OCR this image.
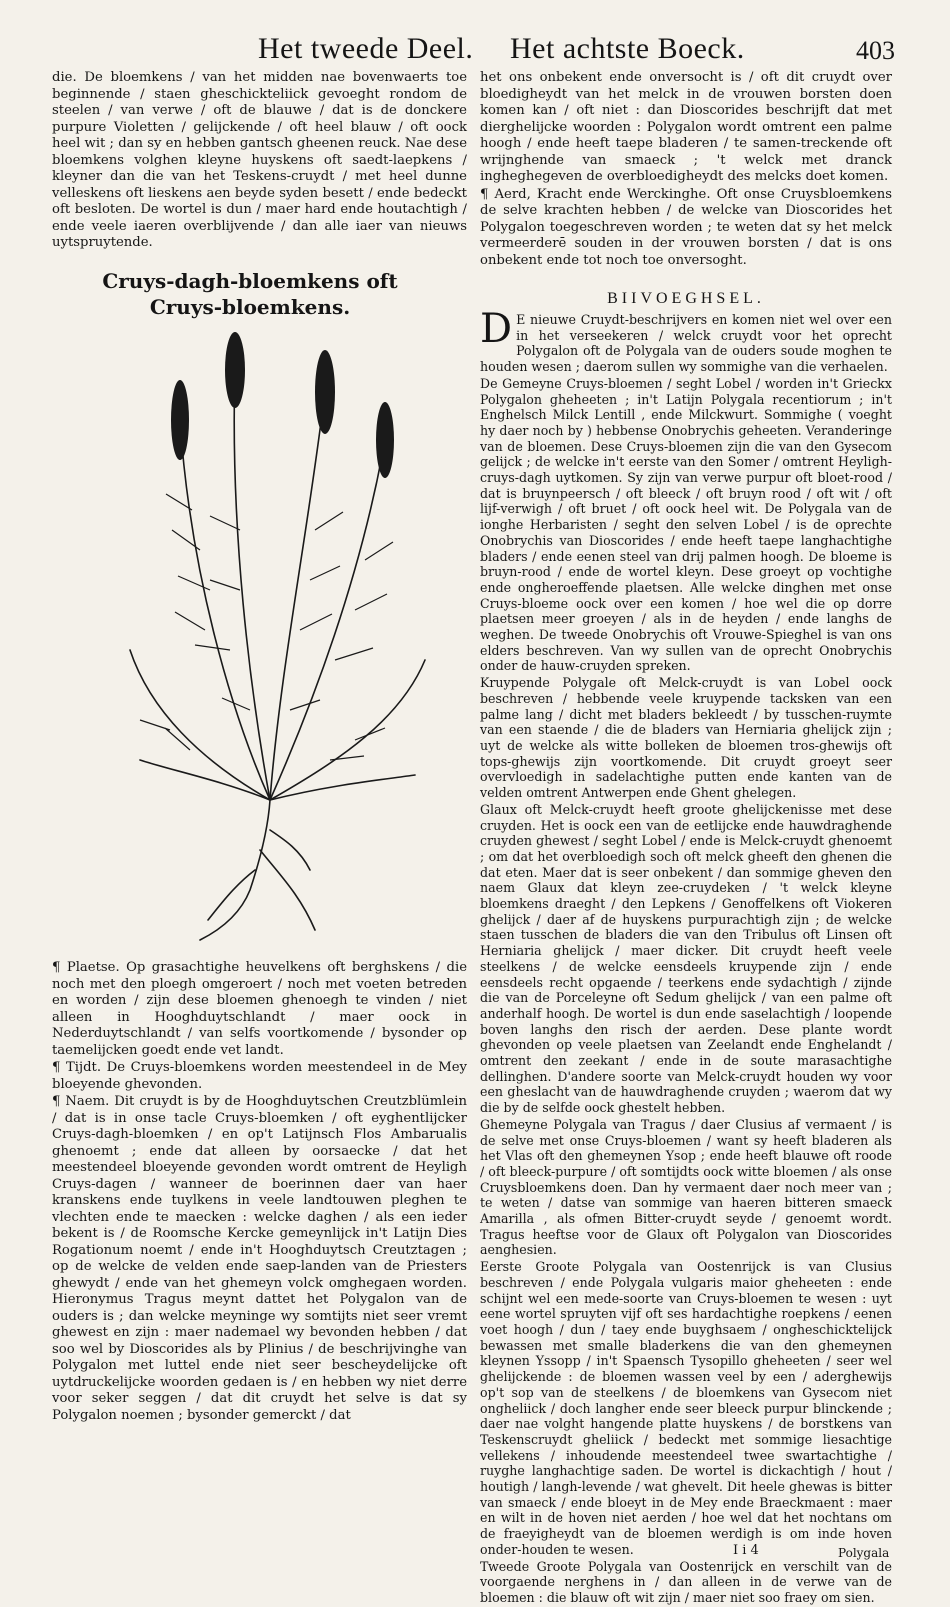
Het tweede Deel. Het achtste Boeck.	403

die. De bloemkens / van het midden nae bovenwaerts toe beginnende / staen gheschickteliick gevoeght rondom de steelen / van verwe / oft de blauwe / dat is de donckere purpure Violetten / gelijckende / oft heel blauw / oft oock heel wit ; dan sy en hebben gantsch gheenen reuck. Nae dese bloemkens volghen kleyne huyskens oft saedt-laepkens / kleyner dan die van het Teskens-cruydt / met heel dunne velleskens oft lieskens aen beyde syden besett / ende bedeckt oft besloten. De wortel is dun / maer hard ende houtachtigh / ende veele iaeren overblijvende / dan alle iaer van nieuws uytspruytende.

Cruys-dagh-bloemkens oft
Cruys-bloemkens.

¶ Plaetse. Op grasachtighe heuvelkens oft berghskens / die noch met den ploegh omgeroert / noch met voeten betreden en worden / zijn dese bloemen ghenoegh te vinden / niet alleen in Hooghduytschlandt / maer oock in Nederduytschlandt / van selfs voortkomende / bysonder op taemelijcken goedt ende vet landt.

¶ Tijdt. De Cruys-bloemkens worden meestendeel in de Mey bloeyende ghevonden.

¶ Naem. Dit cruydt is by de Hooghduytschen Creutzblümlein / dat is in onse tacle Cruys-bloemken / oft eyghentlijcker Cruys-dagh-bloemken / en op't Latijnsch Flos Ambarualis ghenoemt ; ende dat alleen by oorsaecke / dat het meestendeel bloeyende gevonden wordt omtrent de Heyligh Cruys-dagen / wanneer de boerinnen daer van haer kranskens ende tuylkens in veele landtouwen pleghen te vlechten ende te maecken : welcke daghen / als een ieder bekent is / de Roomsche Kercke gemeynlijck in't Latijn Dies Rogationum noemt / ende in't Hooghduytsch Creutztagen ; op de welcke de velden ende saep-landen van de Priesters ghewydt / ende van het ghemeyn volck omghegaen worden. Hieronymus Tragus meynt dattet het Polygalon van de ouders is ; dan welcke meyninge wy somtijts niet seer vremt ghewest en zijn : maer nademael wy bevonden hebben / dat soo wel by Dioscorides als by Plinius / de beschrijvinghe van Polygalon met luttel ende niet seer bescheydelijcke oft uytdruckelijcke woorden gedaen is / en hebben wy niet derre voor seker seggen / dat dit cruydt het selve is dat sy Polygalon noemen ; bysonder gemerckt / dat

het ons onbekent ende onversocht is / oft dit cruydt over bloedigheydt van het melck in de vrouwen borsten doen komen kan / oft niet : dan Dioscorides beschrijft dat met dierghelijcke woorden : Polygalon wordt omtrent een palme hoogh / ende heeft taepe bladeren / te samen-treckende oft wrijnghende van smaeck ; 't welck met dranck ingheghegeven de overbloedigheydt des melcks doet komen.

¶ Aerd, Kracht ende Werckinghe. Oft onse Cruysbloemkens de selve krachten hebben / de welcke van Dioscorides het Polygalon toegeschreven worden ; te weten dat sy het melck vermeerderē souden in der vrouwen borsten / dat is ons onbekent ende tot noch toe onversoght.

BIIVOEGHSEL.

D E nieuwe Cruydt-beschrijvers en komen niet wel over een in het verseekeren / welck cruydt voor het oprecht Polygalon oft de Polygala van de ouders soude moghen te houden wesen ; daerom sullen wy sommighe van die verhaelen.

De Gemeyne Cruys-bloemen / seght Lobel / worden in't Grieckx Polygalon gheheeten ; in't Latijn Polygala recentiorum ; in't Enghelsch Milck Lentill , ende Milckwurt. Sommighe ( voeght hy daer noch by ) hebbense Onobrychis geheeten. Veranderinge van de bloemen. Dese Cruys-bloemen zijn die van den Gysecom gelijck ; de welcke in't eerste van den Somer / omtrent Heyligh-cruys-dagh uytkomen. Sy zijn van verwe purpur oft bloet-rood / dat is bruynpeersch / oft bleeck / oft bruyn rood / oft wit / oft lijf-verwigh / oft bruet / oft oock heel wit. De Polygala van de ionghe Herbaristen / seght den selven Lobel / is de oprechte Onobrychis van Dioscorides / ende heeft taepe langhachtighe bladers / ende eenen steel van drij palmen hoogh. De bloeme is bruyn-rood / ende de wortel kleyn. Dese groeyt op vochtighe ende ongheroeffende plaetsen. Alle welcke dinghen met onse Cruys-bloeme oock over een komen / hoe wel die op dorre plaetsen meer groeyen / als in de heyden / ende langhs de weghen. De tweede Onobrychis oft Vrouwe-Spieghel is van ons elders beschreven. Van wy sullen van de oprecht Onobrychis onder de hauw-cruyden spreken.

Kruypende Polygale oft Melck-cruydt is van Lobel oock beschreven / hebbende veele kruypende tacksken van een palme lang / dicht met bladers bekleedt / by tusschen-ruymte van een staende / die de bladers van Herniaria ghelijck zijn ; uyt de welcke als witte bolleken de bloemen tros-ghewijs oft tops-ghewijs zijn voortkomende. Dit cruydt groeyt seer overvloedigh in sadelachtighe putten ende kanten van de velden omtrent Antwerpen ende Ghent ghelegen.

Glaux oft Melck-cruydt heeft groote ghelijckenisse met dese cruyden. Het is oock een van de eetlijcke ende hauwdraghende cruyden ghewest / seght Lobel / ende is Melck-cruydt ghenoemt ; om dat het overbloedigh soch oft melck gheeft den ghenen die dat eten. Maer dat is seer onbekent / dan sommige gheven den naem Glaux dat kleyn zee-cruydeken / 't welck kleyne bloemkens draeght / den Lepkens / Genoffelkens oft Viokeren ghelijck / daer af de huyskens purpurachtigh zijn ; de welcke staen tusschen de bladers die van den Tribulus oft Linsen oft Herniaria ghelijck / maer dicker. Dit cruydt heeft veele steelkens / de welcke eensdeels kruypende zijn / ende eensdeels recht opgaende / teerkens ende sydachtigh / zijnde die van de Porceleyne oft Sedum ghelijck / van een palme oft anderhalf hoogh. De wortel is dun ende saselachtigh / loopende boven langhs den risch der aerden. Dese plante wordt ghevonden op veele plaetsen van Zeelandt ende Enghelandt / omtrent den zeekant / ende in de soute marasachtighe dellinghen. D'andere soorte van Melck-cruydt houden wy voor een gheslacht van de hauwdraghende cruyden ; waerom dat wy die by de selfde oock ghestelt hebben.

Ghemeyne Polygala van Tragus / daer Clusius af vermaent / is de selve met onse Cruys-bloemen / want sy heeft bladeren als het Vlas oft den ghemeynen Ysop ; ende heeft blauwe oft roode / oft bleeck-purpure / oft somtijdts oock witte bloemen / als onse Cruysbloemkens doen. Dan hy vermaent daer noch meer van ; te weten / datse van sommige van haeren bitteren smaeck Amarilla , als ofmen Bitter-cruydt seyde / genoemt wordt. Tragus heeftse voor de Glaux oft Polygalon van Dioscorides aenghesien.

Eerste Groote Polygala van Oostenrijck is van Clusius beschreven / ende Polygala vulgaris maior gheheeten : ende schijnt wel een mede-soorte van Cruys-bloemen te wesen : uyt eene wortel spruyten vijf oft ses hardachtighe roepkens / eenen voet hoogh / dun / taey ende buyghsaem / ongheschicktelijck bewassen met smalle bladerkens die van den ghemeynen kleynen Yssopp / in't Spaensch Tysopillo gheheeten / seer wel ghelijckende : de bloemen wassen veel by een / aderghewijs op't sop van de steelkens / de bloemkens van Gysecom niet ongheliick / doch langher ende seer bleeck purpur blinckende ; daer nae volght hangende platte huyskens / de borstkens van Teskenscruydt gheliick / bedeckt met sommige liesachtige vellekens / inhoudende meestendeel twee swartachtighe / ruyghe langhachtige saden. De wortel is dickachtigh / hout / houtigh / langh-levende / wat ghevelt. Dit heele ghewas is bitter van smaeck / ende bloeyt in de Mey ende Braeckmaent : maer en wilt in de hoven niet aerden / hoe wel dat het nochtans om de fraeyigheydt van de bloemen werdigh is om inde hoven onder-houden te wesen.

Tweede Groote Polygala van Oostenrijck en verschilt van de voorgaende nerghens in / dan alleen in de verwe van de bloemen : die blauw oft wit zijn / maer niet soo fraey om sien.

I i 4	Polygala
